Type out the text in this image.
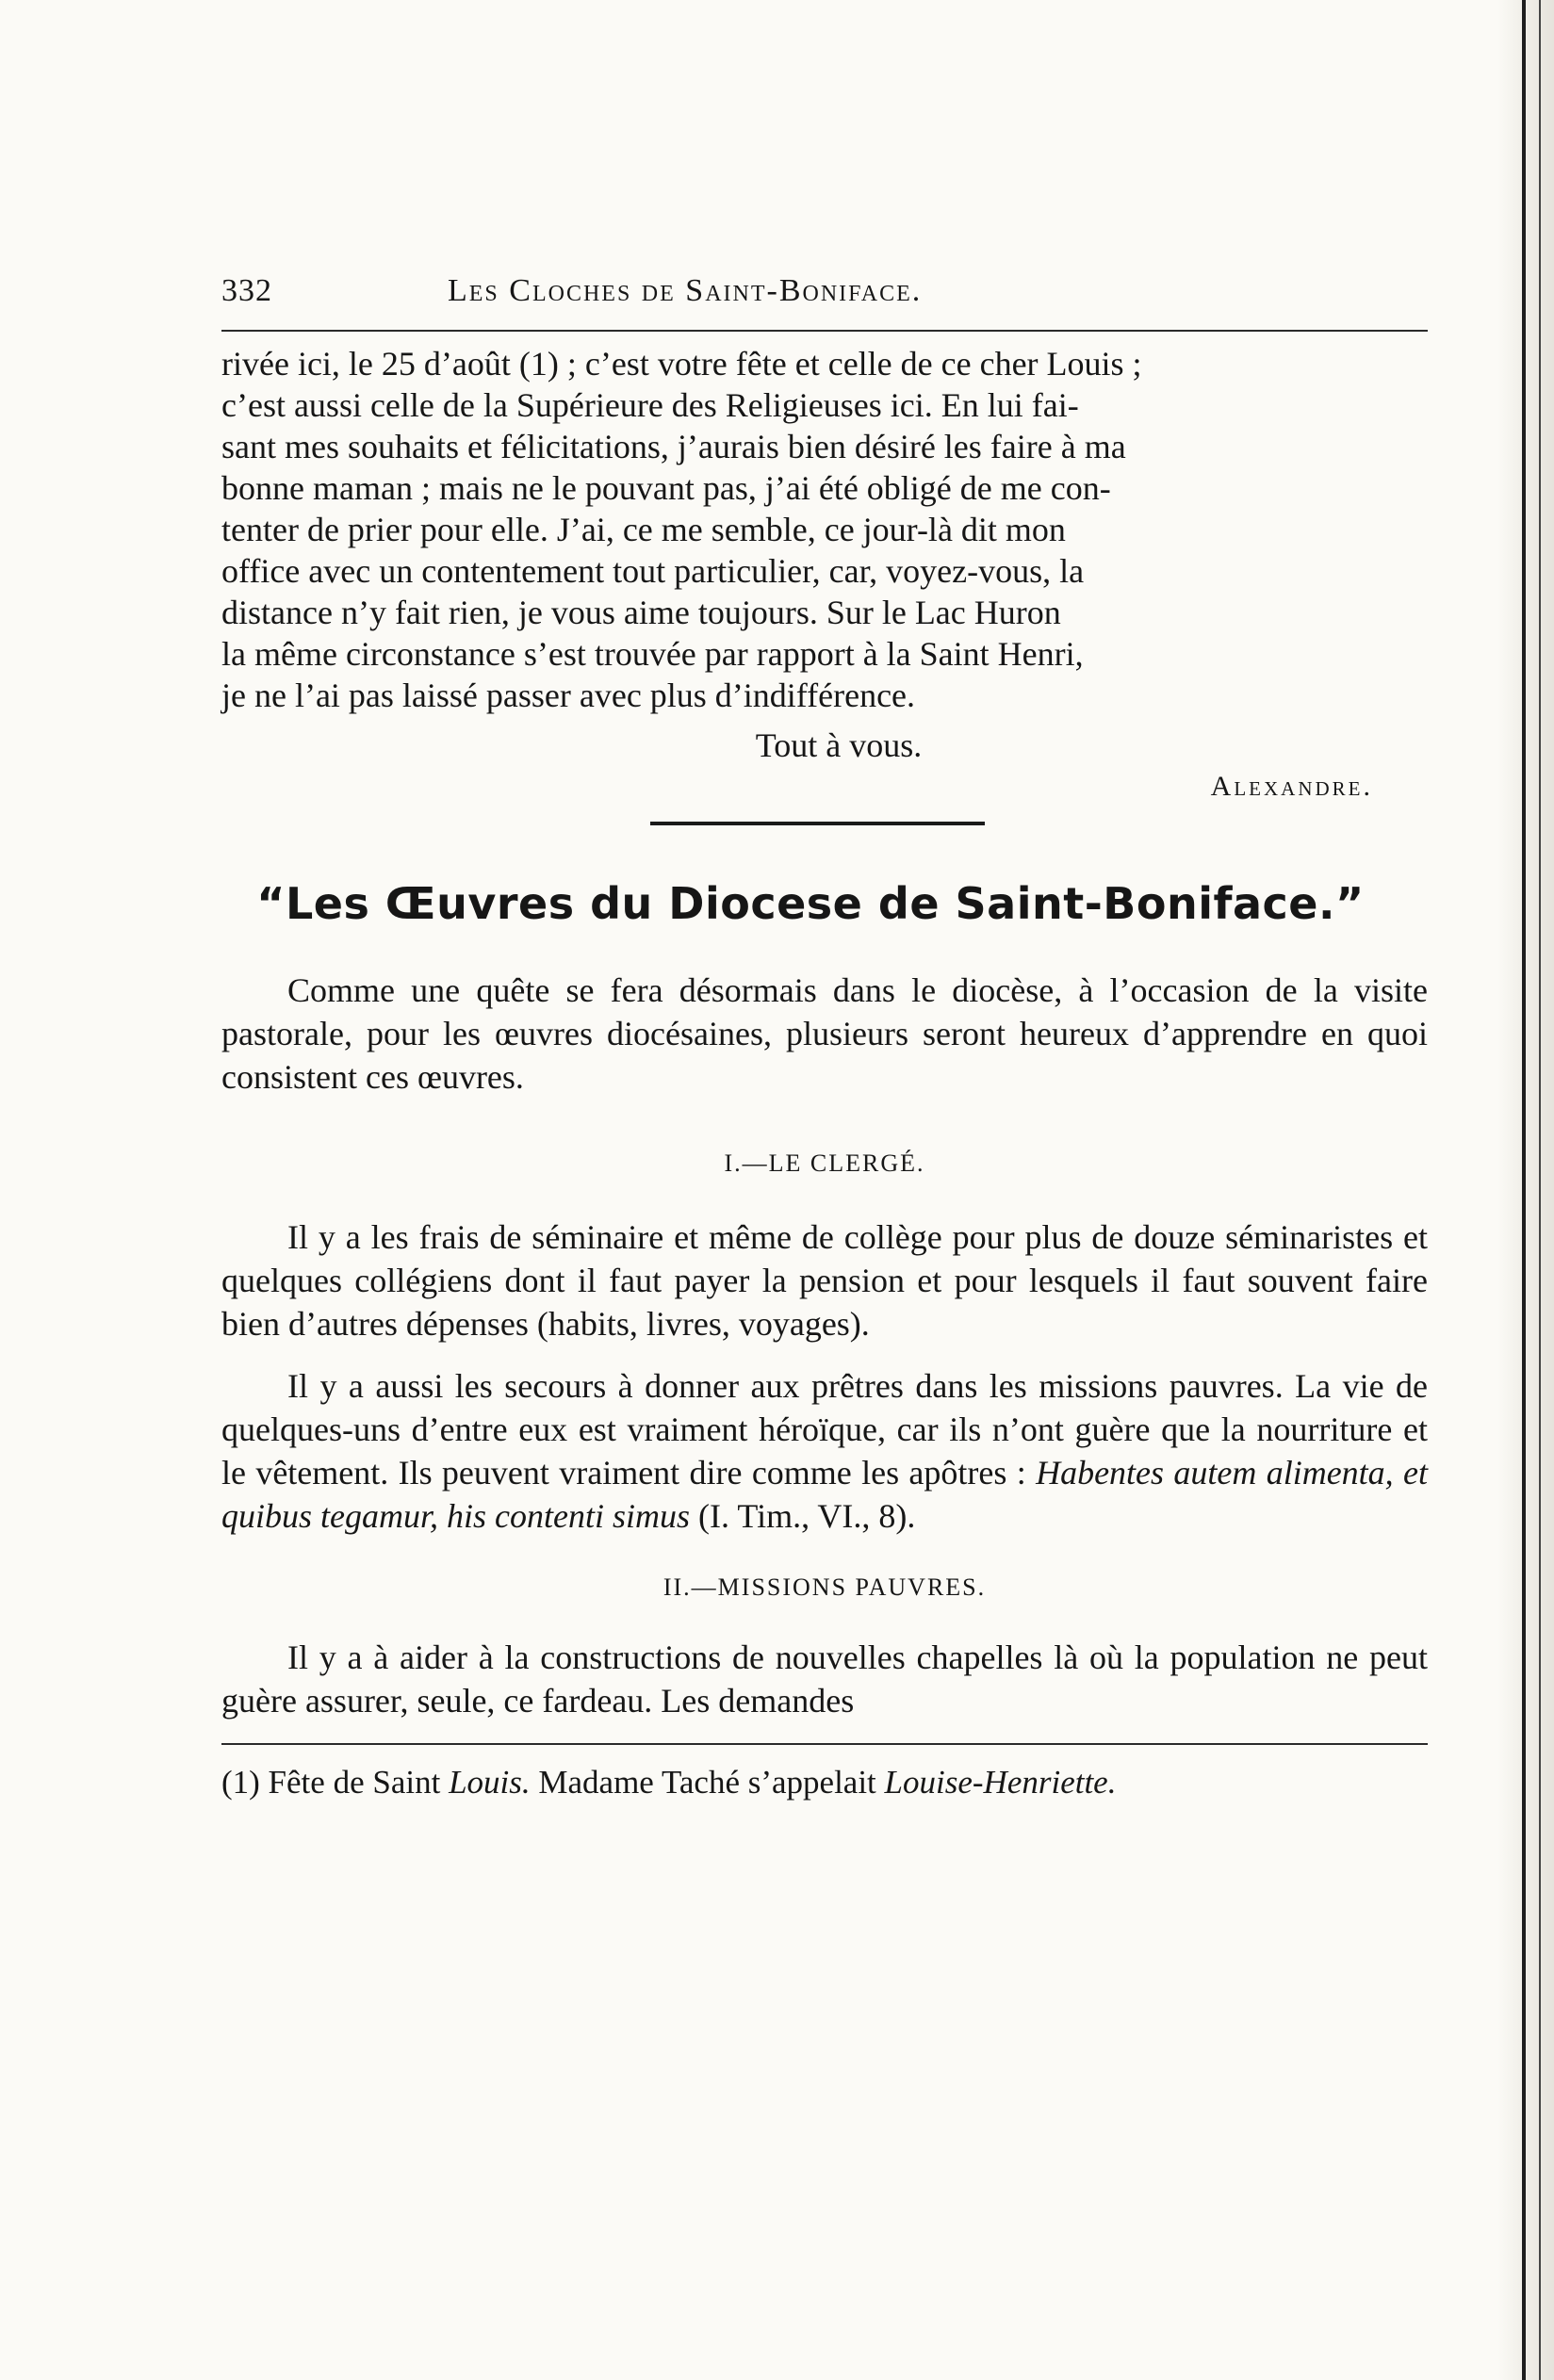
332	Les Cloches de Saint-Boniface.

rivée ici, le 25 d’août (1) ; c’est votre fête et celle de ce cher Louis ;

c’est aussi celle de la Supérieure des Religieuses ici. En lui fai-

sant mes souhaits et félicitations, j’aurais bien désiré les faire à ma

bonne maman ; mais ne le pouvant pas, j’ai été obligé de me con-

tenter de prier pour elle. J’ai, ce me semble, ce jour-là dit mon

office avec un contentement tout particulier, car, voyez-vous, la

distance n’y fait rien, je vous aime toujours. Sur le Lac Huron

la même circonstance s’est trouvée par rapport à la Saint Henri,

je ne l’ai pas laissé passer avec plus d’indifférence.

Tout à vous.
Alexandre.
“Les Œuvres du Diocese de Saint-Boniface.”

Comme une quête se fera désormais dans le diocèse, à l’occasion de la visite pastorale, pour les œuvres diocésaines, plusieurs seront heureux d’apprendre en quoi consistent ces œuvres.

I.—LE CLERGÉ.

Il y a les frais de séminaire et même de collège pour plus de douze séminaristes et quelques collégiens dont il faut payer la pension et pour lesquels il faut souvent faire bien d’autres dépenses (habits, livres, voyages).

Il y a aussi les secours à donner aux prêtres dans les missions pauvres. La vie de quelques-uns d’entre eux est vraiment héroïque, car ils n’ont guère que la nourriture et le vêtement. Ils peuvent vraiment dire comme les apôtres : Habentes autem alimenta, et quibus tegamur, his contenti simus (I. Tim., VI., 8).

II.—MISSIONS PAUVRES.

Il y a à aider à la constructions de nouvelles chapelles là où la population ne peut guère assurer, seule, ce fardeau. Les demandes

(1) Fête de Saint Louis. Madame Taché s’appelait Louise-Henriette.
